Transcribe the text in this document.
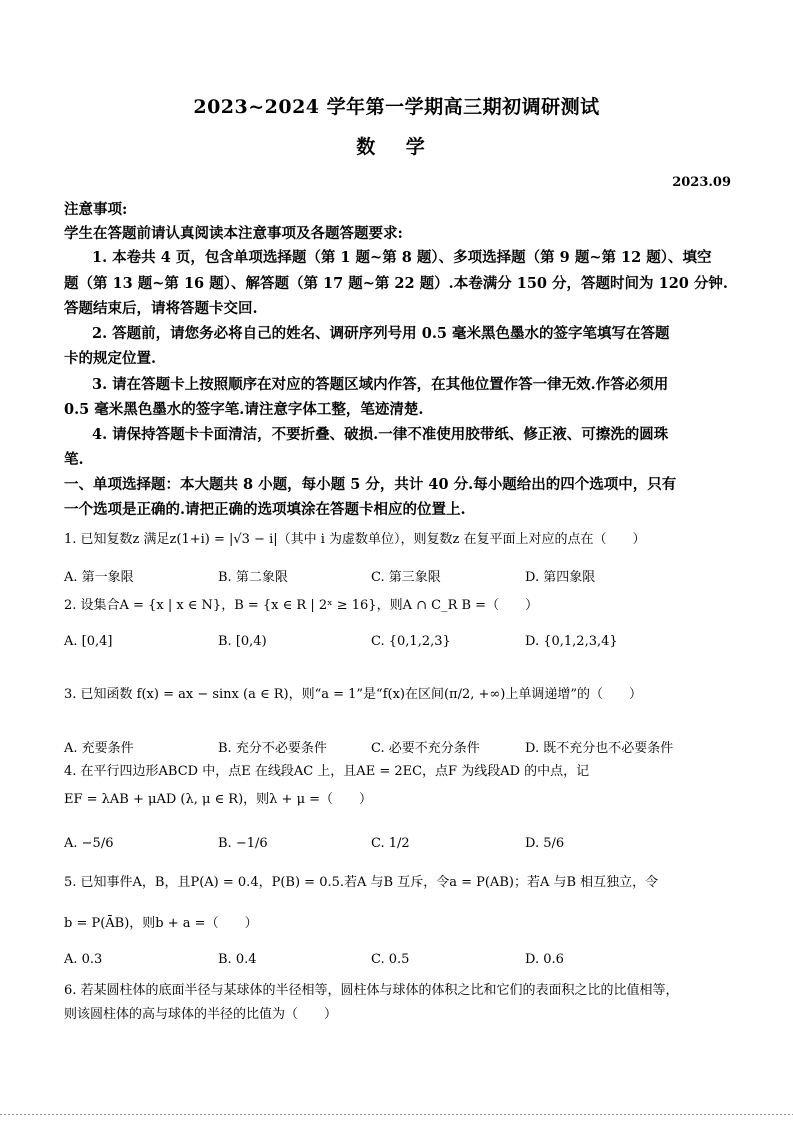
2023~2024 学年第一学期高三期初调研测试
数 学
2023.09
注意事项:
学生在答题前请认真阅读本注意事项及各题答题要求:
1. 本卷共 4 页，包含单项选择题（第 1 题~第 8 题）、多项选择题（第 9 题~第 12 题）、填空
题（第 13 题~第 16 题）、解答题（第 17 题~第 22 题）.本卷满分 150 分，答题时间为 120 分钟.
答题结束后，请将答题卡交回.
2. 答题前，请您务必将自己的姓名、调研序列号用 0.5 毫米黑色墨水的签字笔填写在答题
卡的规定位置.
3. 请在答题卡上按照顺序在对应的答题区域内作答，在其他位置作答一律无效.作答必须用
0.5 毫米黑色墨水的签字笔.请注意字体工整，笔迹清楚.
4. 请保持答题卡卡面清洁，不要折叠、破损.一律不准使用胶带纸、修正液、可擦洗的圆珠
笔.
一、单项选择题：本大题共 8 小题，每小题 5 分，共计 40 分.每小题给出的四个选项中，只有
一个选项是正确的.请把正确的选项填涂在答题卡相应的位置上.
1. 已知复数z 满足z(1+i) = |√3 − i|（其中 i 为虚数单位），则复数z 在复平面上对应的点在（　　）
A. 第一象限	B. 第二象限	C. 第三象限	D. 第四象限
2. 设集合A = {x | x ∈ N}，B = {x ∈ R | 2ˣ ≥ 16}，则A ∩ C_R B =（　　）
A. [0,4]	B. [0,4)	C. {0,1,2,3}	D. {0,1,2,3,4}
3. 已知函数 f(x) = ax − sinx (a ∈ R)，则“a = 1”是“f(x)在区间(π/2, +∞)上单调递增”的（　　）
A. 充要条件	B. 充分不必要条件	C. 必要不充分条件	D. 既不充分也不必要条件
4. 在平行四边形ABCD 中，点E 在线段AC 上，且AE = 2EC，点F 为线段AD 的中点，记
EF = λAB + μAD (λ, μ ∈ R)，则λ + μ =（　　）
A. −5/6	B. −1/6	C. 1/2	D. 5/6
5. 已知事件A，B，且P(A) = 0.4，P(B) = 0.5.若A 与B 互斥，令a = P(AB)；若A 与B 相互独立，令
b = P(ĀB)，则b + a =（　　）
A. 0.3	B. 0.4	C. 0.5	D. 0.6
6. 若某圆柱体的底面半径与某球体的半径相等，圆柱体与球体的体积之比和它们的表面积之比的比值相等，
则该圆柱体的高与球体的半径的比值为（　　）
